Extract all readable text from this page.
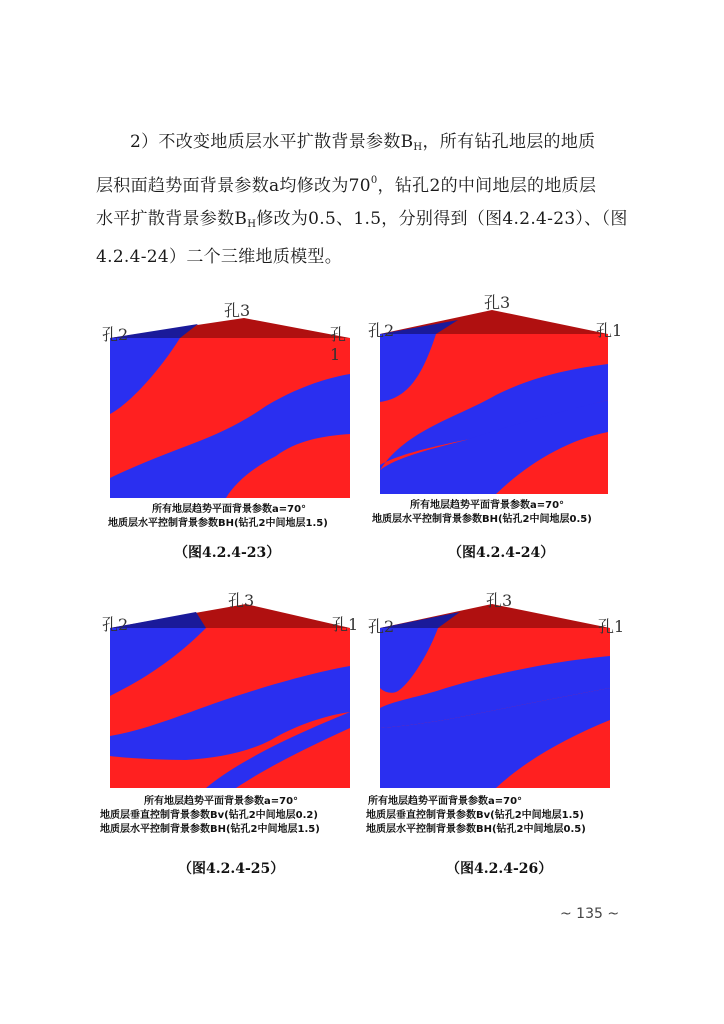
2）不改变地质层水平扩散背景参数$B_H$，所有钻孔地层的地质
层积面趋势面背景参数a均修改为$70^0$，钻孔2的中间地层的地质层
水平扩散背景参数$B_H$修改为0.5、1.5，分别得到（图4.2.4-23）、（图
4.2.4-24）二个三维地质模型。
孔2
孔3
孔1
所有地层趋势平面背景参数a=70°
地质层水平控制背景参数BH(钻孔2中间地层1.5)
（图4.2.4-23）
孔2
孔3
孔1
所有地层趋势平面背景参数a=70°
地质层水平控制背景参数BH(钻孔2中间地层0.5)
（图4.2.4-24）
孔2
孔3
孔1
所有地层趋势平面背景参数a=70°
地质层垂直控制背景参数Bv(钻孔2中间地层0.2)
地质层水平控制背景参数BH(钻孔2中间地层1.5)
（图4.2.4-25）
孔2
孔3
孔1
所有地层趋势平面背景参数a=70°
地质层垂直控制背景参数Bv(钻孔2中间地层1.5)
地质层水平控制背景参数BH(钻孔2中间地层0.5)
（图4.2.4-26）
~ 135 ~
